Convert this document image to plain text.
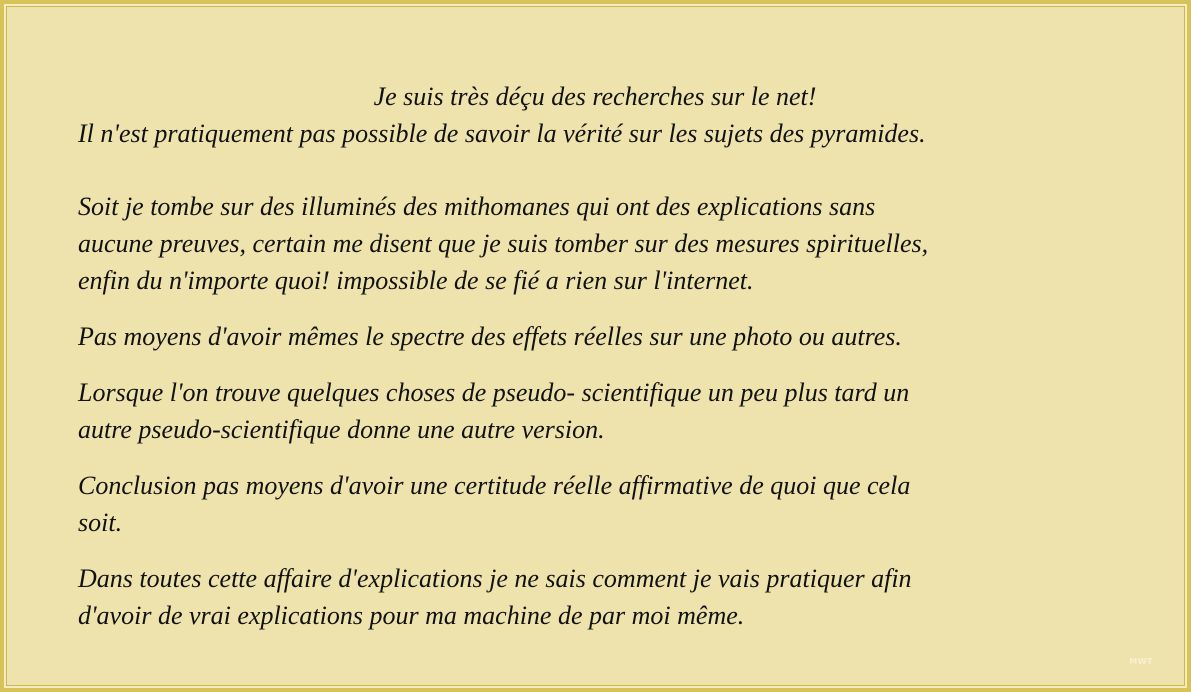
Je suis très déçu des recherches sur le net!
Il n'est pratiquement pas possible de savoir la vérité sur les sujets des pyramides.

Soit je tombe sur des illuminés des mithomanes qui ont des explications sans
aucune preuves, certain me disent que je suis tomber sur des mesures spirituelles,
enfin du n'importe quoi! impossible de se fié a rien sur l'internet.

Pas moyens d'avoir mêmes le spectre des effets réelles sur une photo ou autres.

Lorsque l'on trouve quelques choses de pseudo- scientifique un peu plus tard un
autre pseudo-scientifique donne une autre version.

Conclusion pas moyens d'avoir une certitude réelle affirmative de quoi que cela
soit.

Dans toutes cette affaire d'explications je ne sais comment je vais pratiquer afin
d'avoir de vrai explications pour ma machine de par moi même.

MWT
